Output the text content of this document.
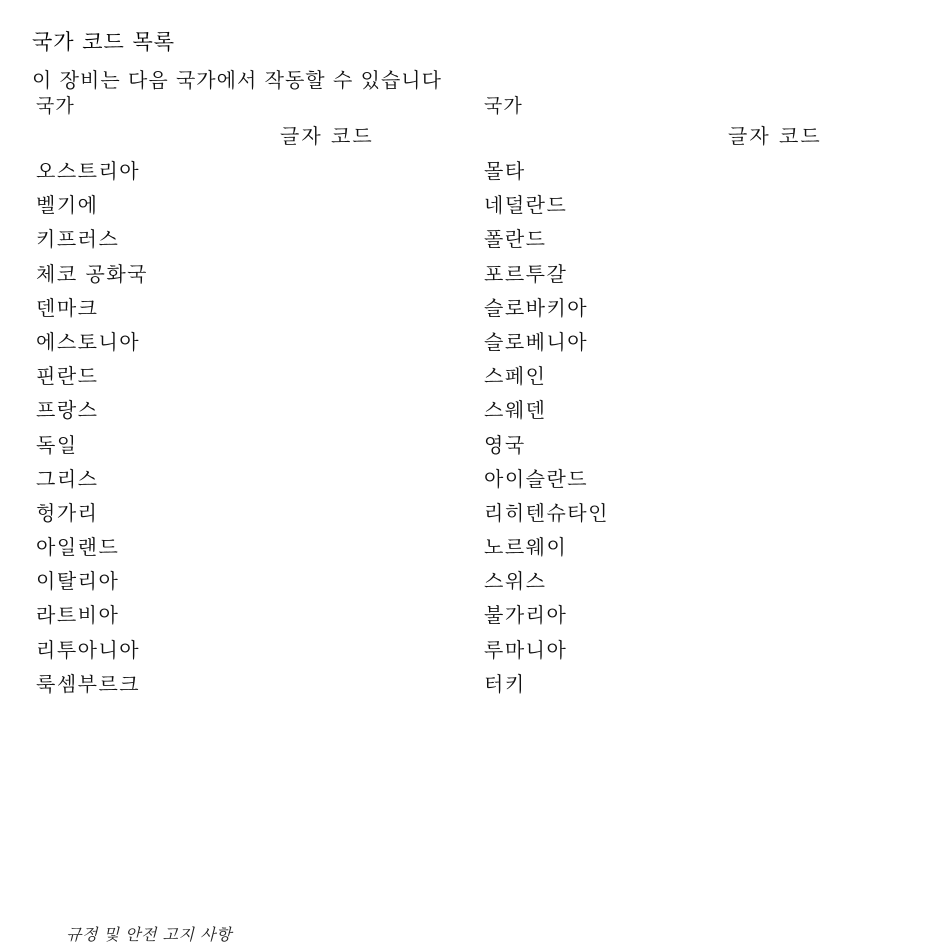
국가 코드 목록
이 장비는 다음 국가에서 작동할 수 있습니다
국가
글자 코드
오스트리아
벨기에
키프러스
체코 공화국
덴마크
에스토니아
핀란드
프랑스
독일
그리스
헝가리
아일랜드
이탈리아
라트비아
리투아니아
룩셈부르크
국가
글자 코드
몰타
네덜란드
폴란드
포르투갈
슬로바키아
슬로베니아
스페인
스웨덴
영국
아이슬란드
리히텐슈타인
노르웨이
스위스
불가리아
루마니아
터키
규정 및 안전 고지 사항
